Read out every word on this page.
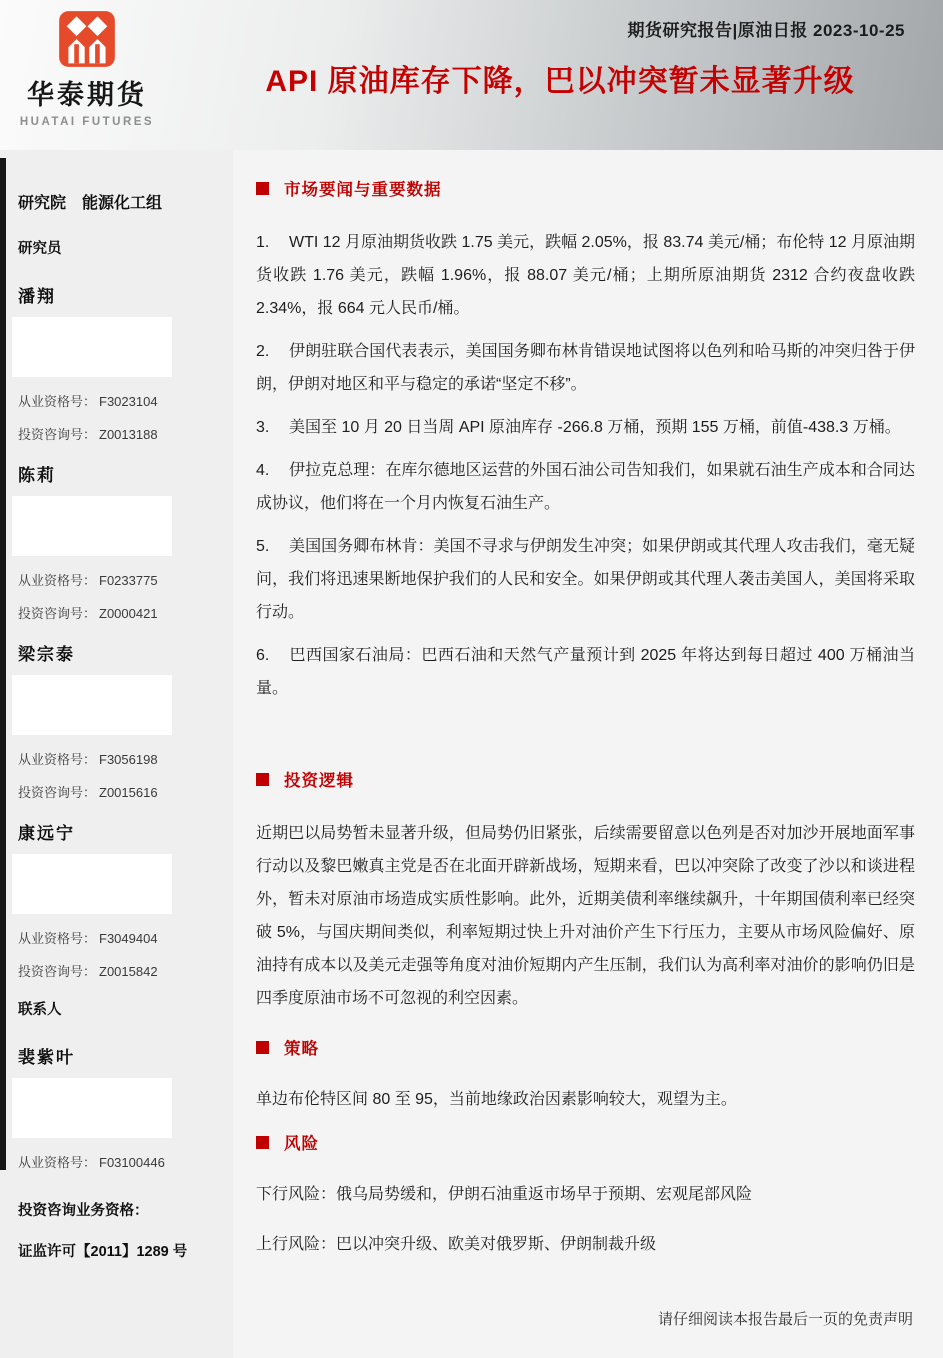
华泰期货
HUATAI FUTURES
期货研究报告|原油日报 2023-10-25
API 原油库存下降，巴以冲突暂未显著升级

研究院　能源化工组

研究员

潘翔

从业资格号： F3023104

投资咨询号： Z0013188

陈莉

从业资格号： F0233775

投资咨询号： Z0000421

梁宗泰

从业资格号： F3056198

投资咨询号： Z0015616

康远宁

从业资格号： F3049404

投资咨询号： Z0015842

联系人

裴紫叶

从业资格号： F03100446

投资咨询业务资格：

证监许可【2011】1289 号

市场要闻与重要数据

1. WTI 12 月原油期货收跌 1.75 美元，跌幅 2.05%，报 83.74 美元/桶；布伦特 12 月原油期货收跌 1.76 美元，跌幅 1.96%，报 88.07 美元/桶；上期所原油期货 2312 合约夜盘收跌 2.34%，报 664 元人民币/桶。

2. 伊朗驻联合国代表表示，美国国务卿布林肯错误地试图将以色列和哈马斯的冲突归咎于伊朗，伊朗对地区和平与稳定的承诺“坚定不移”。

3. 美国至 10 月 20 日当周 API 原油库存 -266.8 万桶，预期 155 万桶，前值-438.3 万桶。

4. 伊拉克总理：在库尔德地区运营的外国石油公司告知我们，如果就石油生产成本和合同达成协议，他们将在一个月内恢复石油生产。

5. 美国国务卿布林肯：美国不寻求与伊朗发生冲突；如果伊朗或其代理人攻击我们，毫无疑问，我们将迅速果断地保护我们的人民和安全。如果伊朗或其代理人袭击美国人，美国将采取行动。

6. 巴西国家石油局：巴西石油和天然气产量预计到 2025 年将达到每日超过 400 万桶油当量。

投资逻辑

近期巴以局势暂未显著升级，但局势仍旧紧张，后续需要留意以色列是否对加沙开展地面军事行动以及黎巴嫩真主党是否在北面开辟新战场，短期来看，巴以冲突除了改变了沙以和谈进程外，暂未对原油市场造成实质性影响。此外，近期美债利率继续飙升，十年期国债利率已经突破 5%，与国庆期间类似，利率短期过快上升对油价产生下行压力，主要从市场风险偏好、原油持有成本以及美元走强等角度对油价短期内产生压制，我们认为高利率对油价的影响仍旧是四季度原油市场不可忽视的利空因素。

策略

单边布伦特区间 80 至 95，当前地缘政治因素影响较大，观望为主。

风险

下行风险：俄乌局势缓和，伊朗石油重返市场早于预期、宏观尾部风险

上行风险：巴以冲突升级、欧美对俄罗斯、伊朗制裁升级

请仔细阅读本报告最后一页的免责声明
